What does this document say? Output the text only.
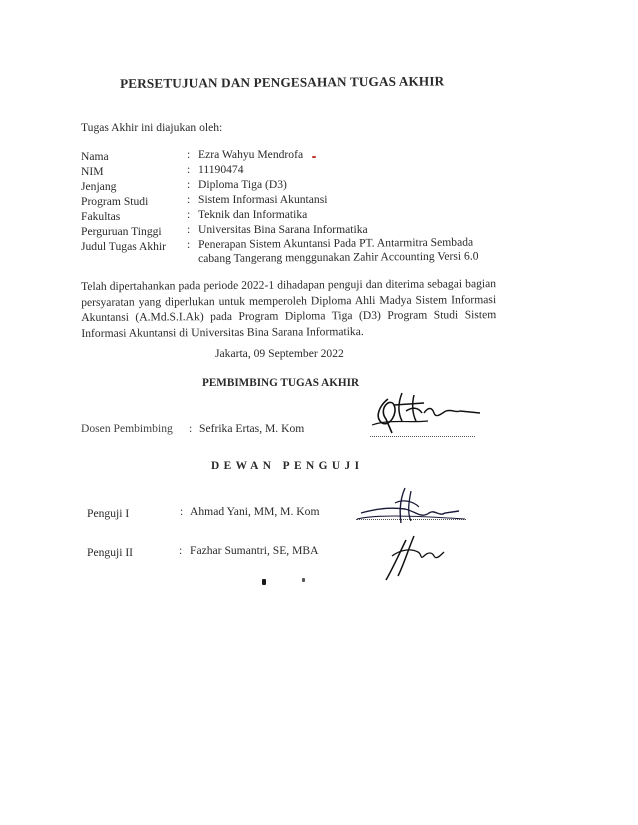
PERSETUJUAN DAN PENGESAHAN TUGAS AKHIR
Tugas Akhir ini diajukan oleh:
Nama	: Ezra Wahyu Mendrofa
NIM	: 11190474
Jenjang	: Diploma Tiga (D3)
Program Studi	: Sistem Informasi Akuntansi
Fakultas	: Teknik dan Informatika
Perguruan Tinggi : Universitas Bina Sarana Informatika
Judul Tugas Akhir : Penerapan Sistem Akuntansi Pada PT. Antarmitra Sembada
cabang Tangerang menggunakan Zahir Accounting Versi 6.0
Telah dipertahankan pada periode 2022-1 dihadapan penguji dan diterima sebagai bagian
persyaratan yang diperlukan untuk memperoleh Diploma Ahli Madya Sistem Informasi
Akuntansi (A.Md.S.I.Ak) pada Program Diploma Tiga (D3) Program Studi Sistem
Informasi Akuntansi di Universitas Bina Sarana Informatika.
Jakarta, 09 September 2022
PEMBIMBING TUGAS AKHIR
Dosen Pembimbing : Sefrika Ertas, M. Kom
DEWAN PENGUJI
Penguji I	: Ahmad Yani, MM, M. Kom
Penguji II	: Fazhar Sumantri, SE, MBA
